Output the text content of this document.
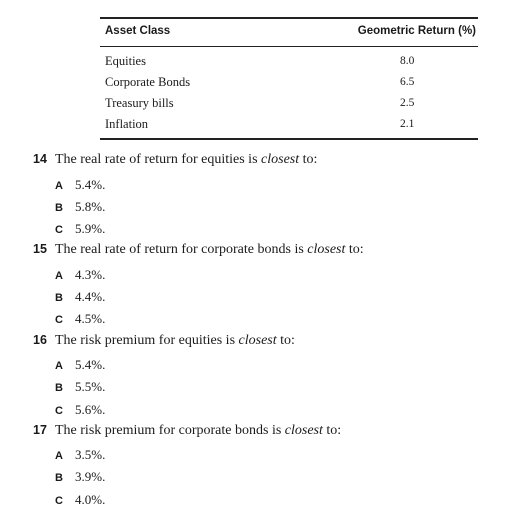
Asset Class	Geometric Return (%)
Equities	8.0
Corporate Bonds	6.5
Treasury bills	2.5
Inflation	2.1
14 The real rate of return for equities is closest to:
A 5.4%.
B 5.8%.
C 5.9%.
15 The real rate of return for corporate bonds is closest to:
A 4.3%.
B 4.4%.
C 4.5%.
16 The risk premium for equities is closest to:
A 5.4%.
B 5.5%.
C 5.6%.
17 The risk premium for corporate bonds is closest to:
A 3.5%.
B 3.9%.
C 4.0%.
